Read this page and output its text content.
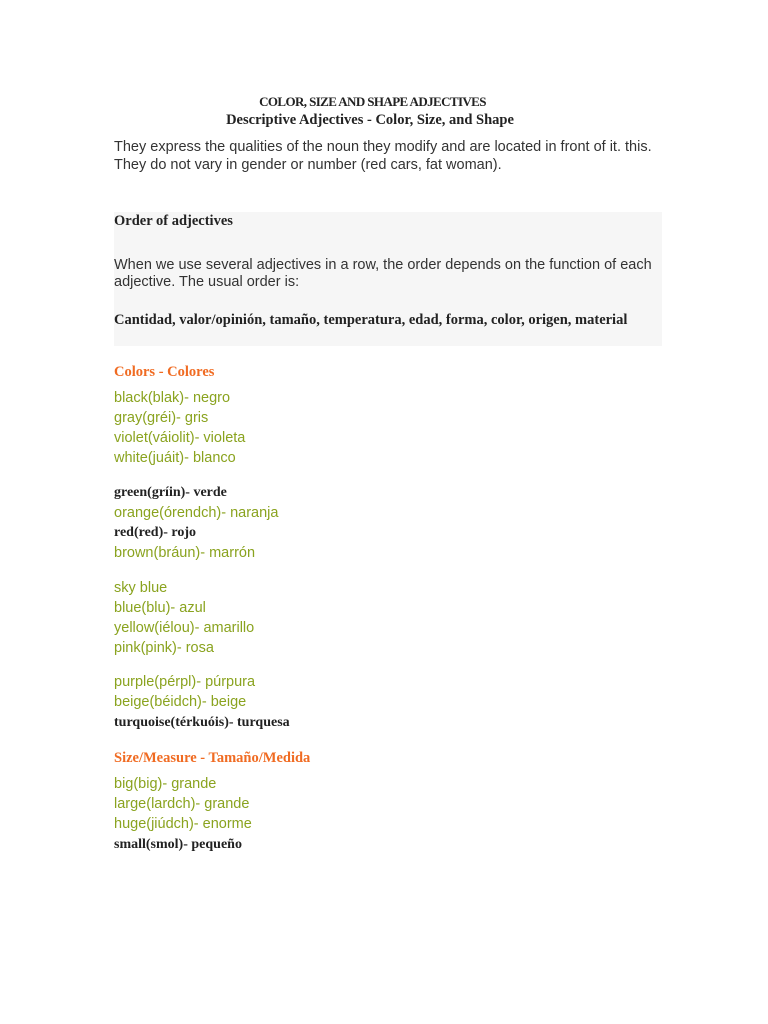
COLOR, SIZE AND SHAPE ADJECTIVES
Descriptive Adjectives - Color, Size, and Shape
They express the qualities of the noun they modify and are located in front of it. this. They do not vary in gender or number (red cars, fat woman).
Order of adjectives
When we use several adjectives in a row, the order depends on the function of each adjective. The usual order is:
Cantidad, valor/opinión, tamaño, temperatura, edad, forma, color, origen, material
Colors - Colores
black(blak)- negro
gray(gréi)- gris
violet(váiolit)- violeta
white(juáit)- blanco
green(gríin)- verde
orange(órendch)- naranja
red(red)- rojo
brown(bráun)- marrón
sky blue
blue(blu)- azul
yellow(iélou)- amarillo
pink(pink)- rosa
purple(pérpl)- púrpura
beige(béidch)- beige
turquoise(térkuóis)- turquesa
Size/Measure - Tamaño/Medida
big(big)- grande
large(lardch)- grande
huge(jiúdch)- enorme
small(smol)- pequeño
